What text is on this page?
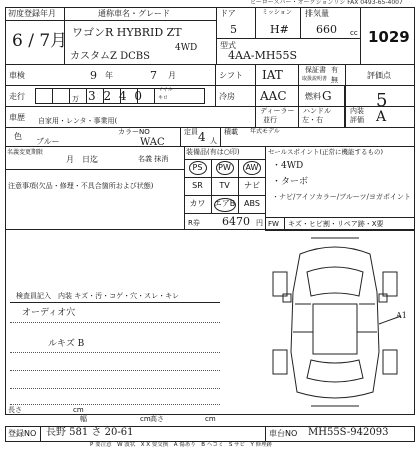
ヒーロースパー・オークションリシ FAX 0493-65-4007
初度登録年月
6 / 7月
通称車名・グレード
ワゴンR HYBRID ZT
4WD
カスタムZ DCBS
ドア
5
ミッション
H#
排気量
660 cc 1029
型式
4AA-MH55S
車検	9 年	7 月	シフト IAT	保証書
取扱説明書
有
無	評価点
5
走行	万 3 2 4 0	マイル
キロ	冷房 AAC 燃料 G
車歴 自家用・レンタ・事業用(
ディーラー
並行
ハンドル
左・右
内装
評価 A
色
ブルー
カラーNO
WAC
定員 4 人
積載 年式モデル
名義変更期限
月　日迄	名義 抹消
装備品(有は○印)
PS	PW	AW
SR	TV	ナビ
カワ	エアB	ABS
R券 6470 円
セールスポイント(正常に機能するもの)
・4WD
・ターボ
・ナビ/アイソカラー/ブルーツ/ヨガポイント
FW キズ・ヒビ割・リペア跡・X要
注意事項(欠品・修理・不具合箇所および状態)
検査員記入 内装 キズ・汚・コゲ・穴・スレ・キレ
オーディオ穴
ルキズ B
A1
長さ	cm
幅	cm 高さ	cm
登録NO 長野 581 さ 20-61	車台NO MH55S-942093
P 要注意　W 波状　X X 要交換　A 傷あり　B ヘコミ　S サビ　Y 修理跡
